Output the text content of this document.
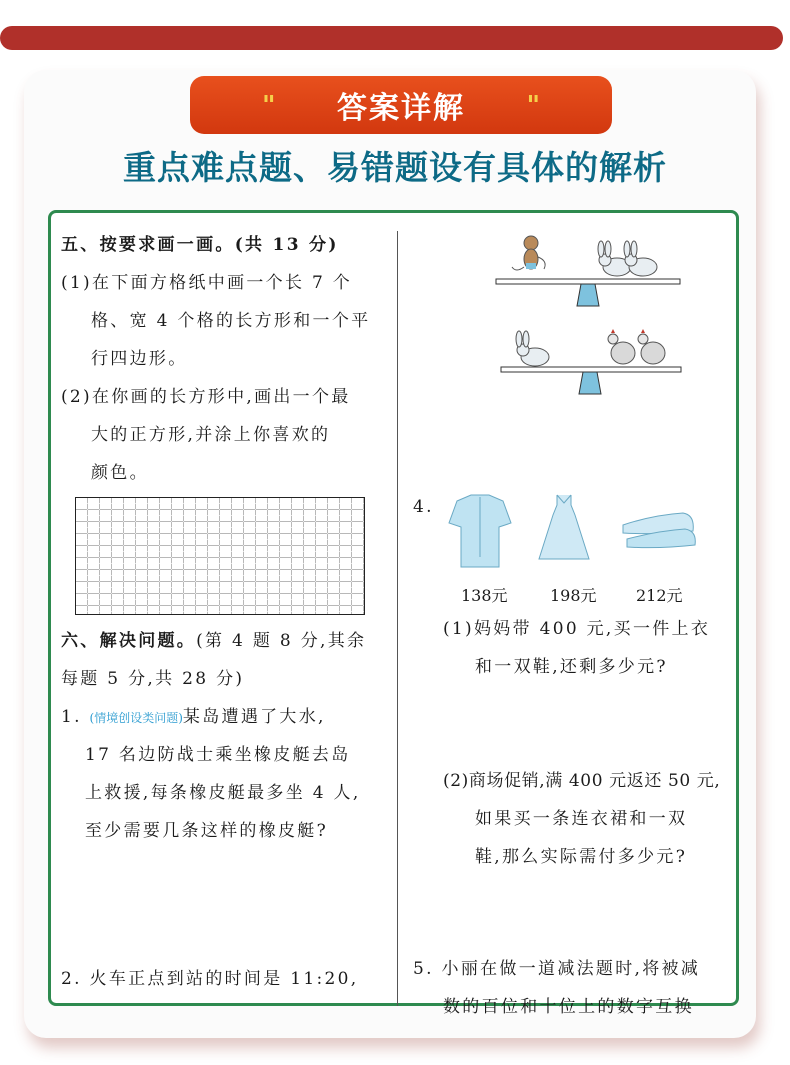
" 答案详解 "
重点难点题、易错题设有具体的解析
五、按要求画一画。(共 13 分)
(1)在下面方格纸中画一个长 7 个
格、宽 4 个格的长方形和一个平
行四边形。
(2)在你画的长方形中,画出一个最
大的正方形,并涂上你喜欢的
颜色。
六、解决问题。(第 4 题 8 分,其余
每题 5 分,共 28 分)
1. (情境创设类问题)某岛遭遇了大水,
17 名边防战士乘坐橡皮艇去岛
上救援,每条橡皮艇最多坐 4 人,
至少需要几条这样的橡皮艇?
2. 火车正点到站的时间是 11:20,
4.
138元	198元 212元
(1)妈妈带 400 元,买一件上衣
和一双鞋,还剩多少元?
(2)商场促销,满 400 元返还 50 元,
如果买一条连衣裙和一双
鞋,那么实际需付多少元?
5. 小丽在做一道减法题时,将被减
数的百位和十位上的数字互换
